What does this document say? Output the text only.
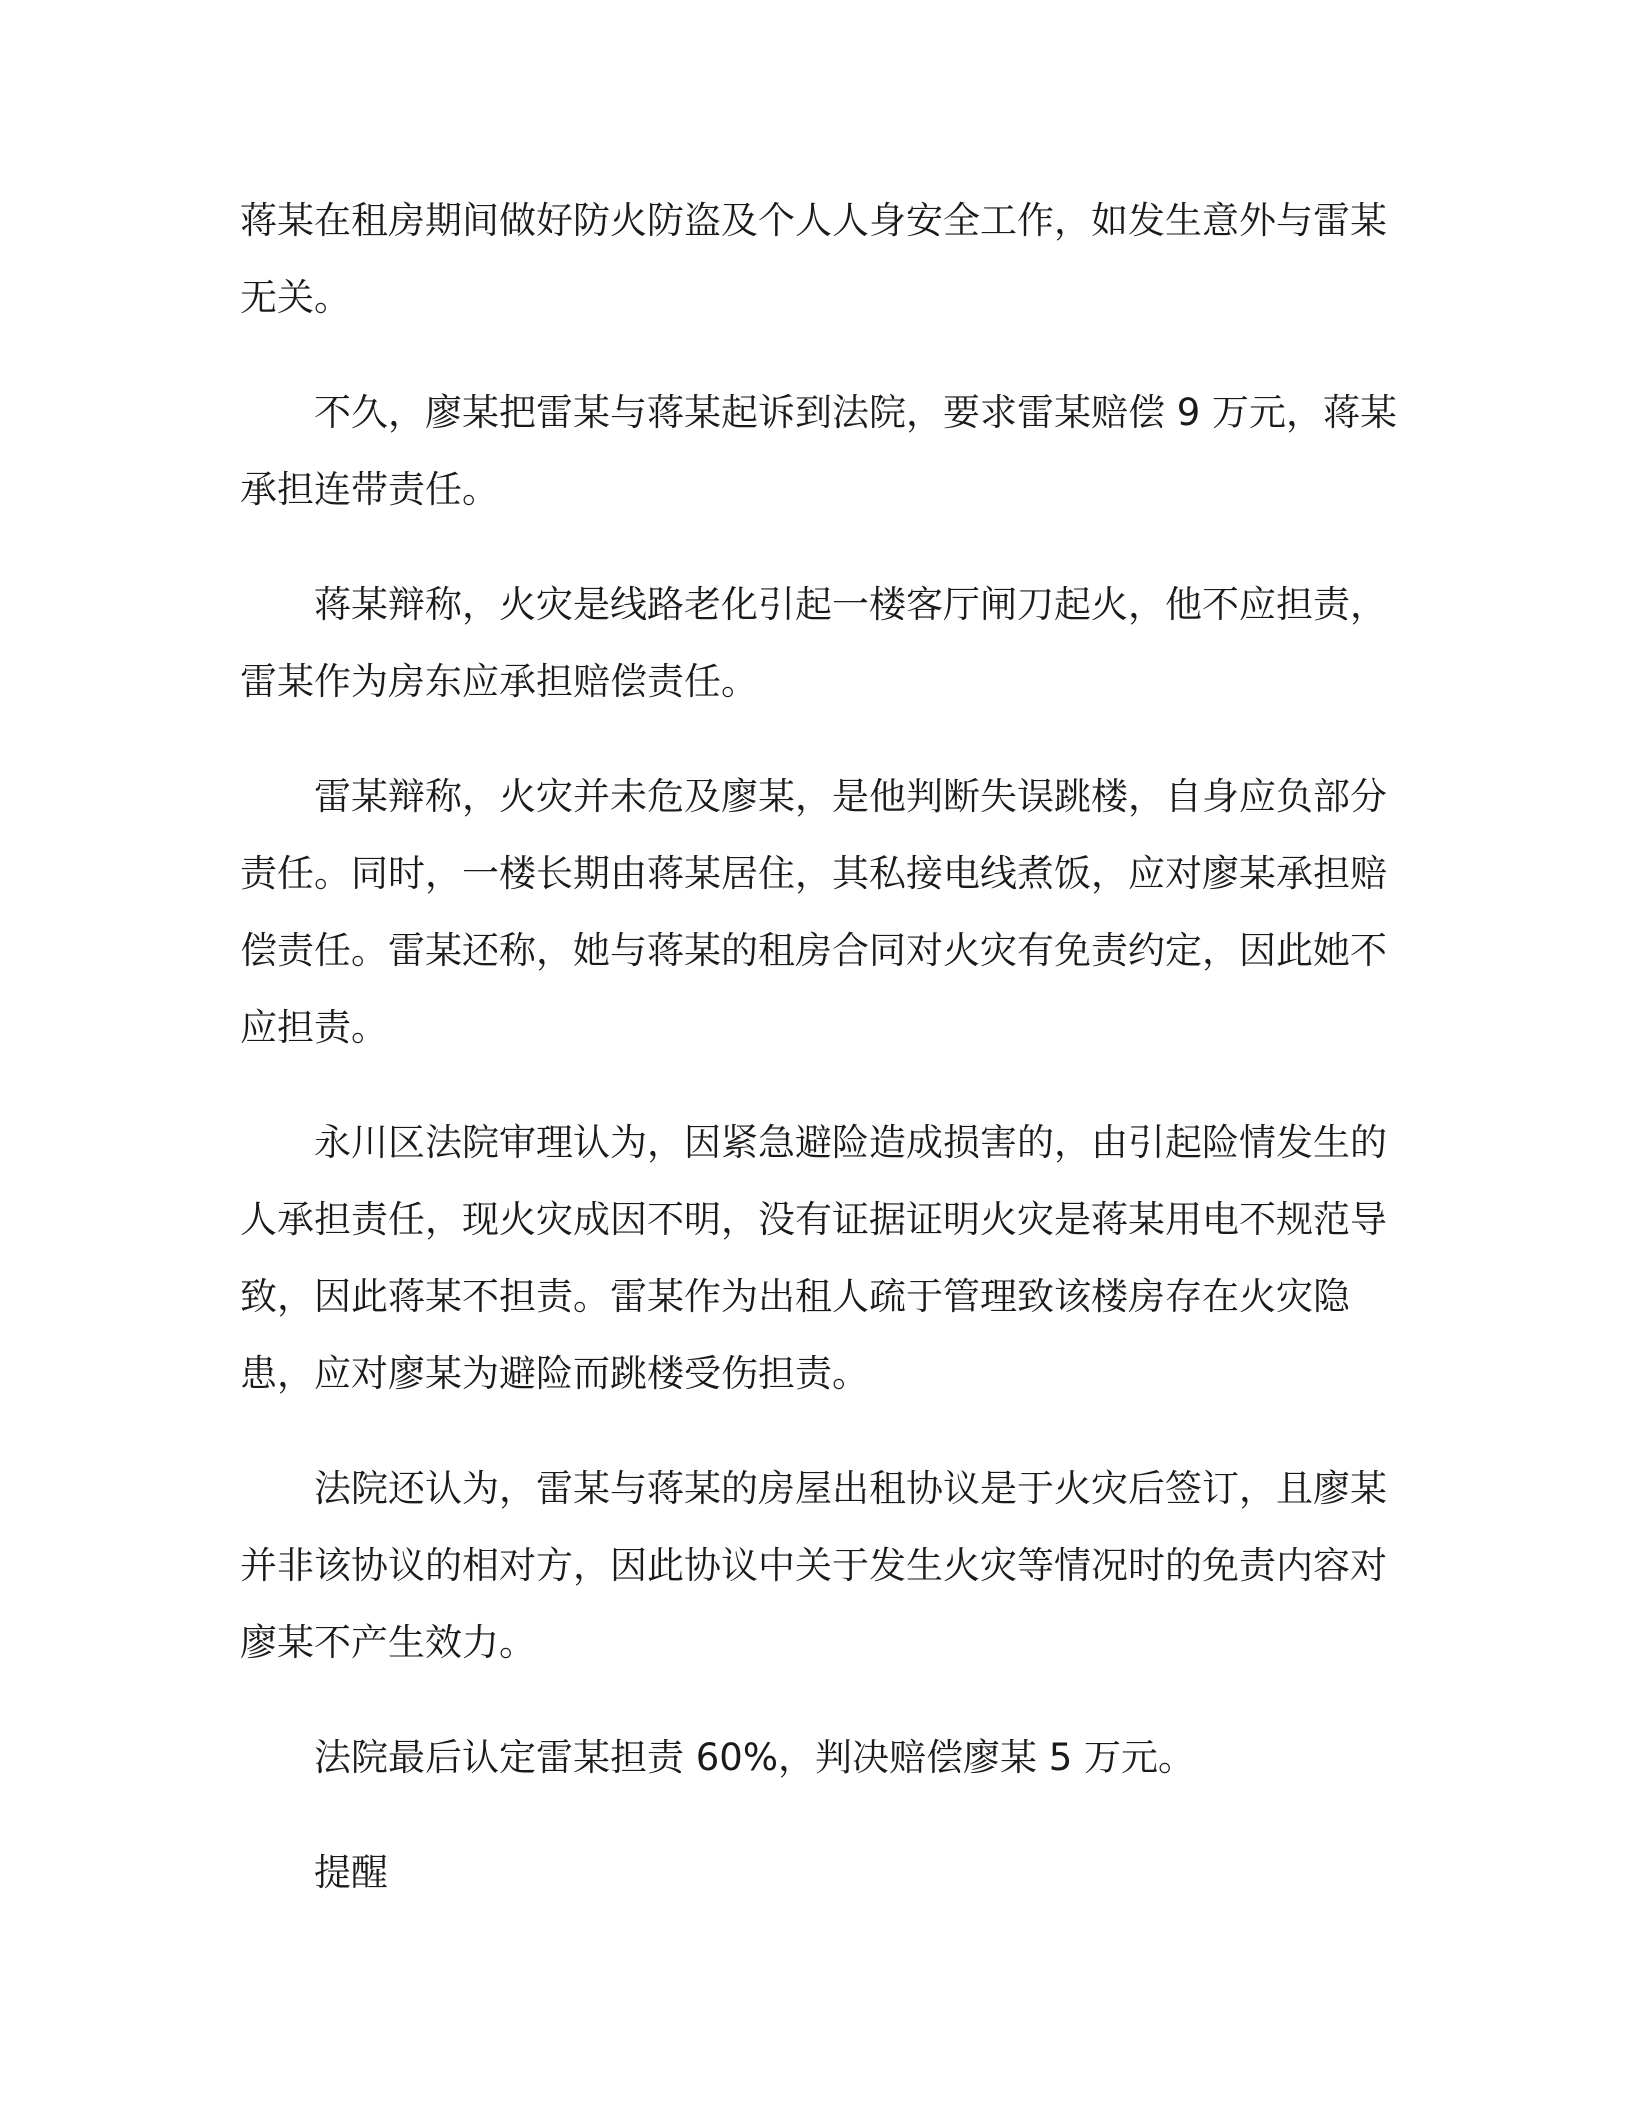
蒋某在租房期间做好防火防盗及个人人身安全工作，如发生意外与雷某无关。

不久，廖某把雷某与蒋某起诉到法院，要求雷某赔偿 9 万元，蒋某承担连带责任。

蒋某辩称，火灾是线路老化引起一楼客厅闸刀起火，他不应担责，雷某作为房东应承担赔偿责任。

雷某辩称，火灾并未危及廖某，是他判断失误跳楼，自身应负部分责任。同时，一楼长期由蒋某居住，其私接电线煮饭，应对廖某承担赔偿责任。雷某还称，她与蒋某的租房合同对火灾有免责约定，因此她不应担责。

永川区法院审理认为，因紧急避险造成损害的，由引起险情发生的人承担责任，现火灾成因不明，没有证据证明火灾是蒋某用电不规范导致，因此蒋某不担责。雷某作为出租人疏于管理致该楼房存在火灾隐患，应对廖某为避险而跳楼受伤担责。

法院还认为，雷某与蒋某的房屋出租协议是于火灾后签订，且廖某并非该协议的相对方，因此协议中关于发生火灾等情况时的免责内容对廖某不产生效力。

法院最后认定雷某担责 60%，判决赔偿廖某 5 万元。

提醒
